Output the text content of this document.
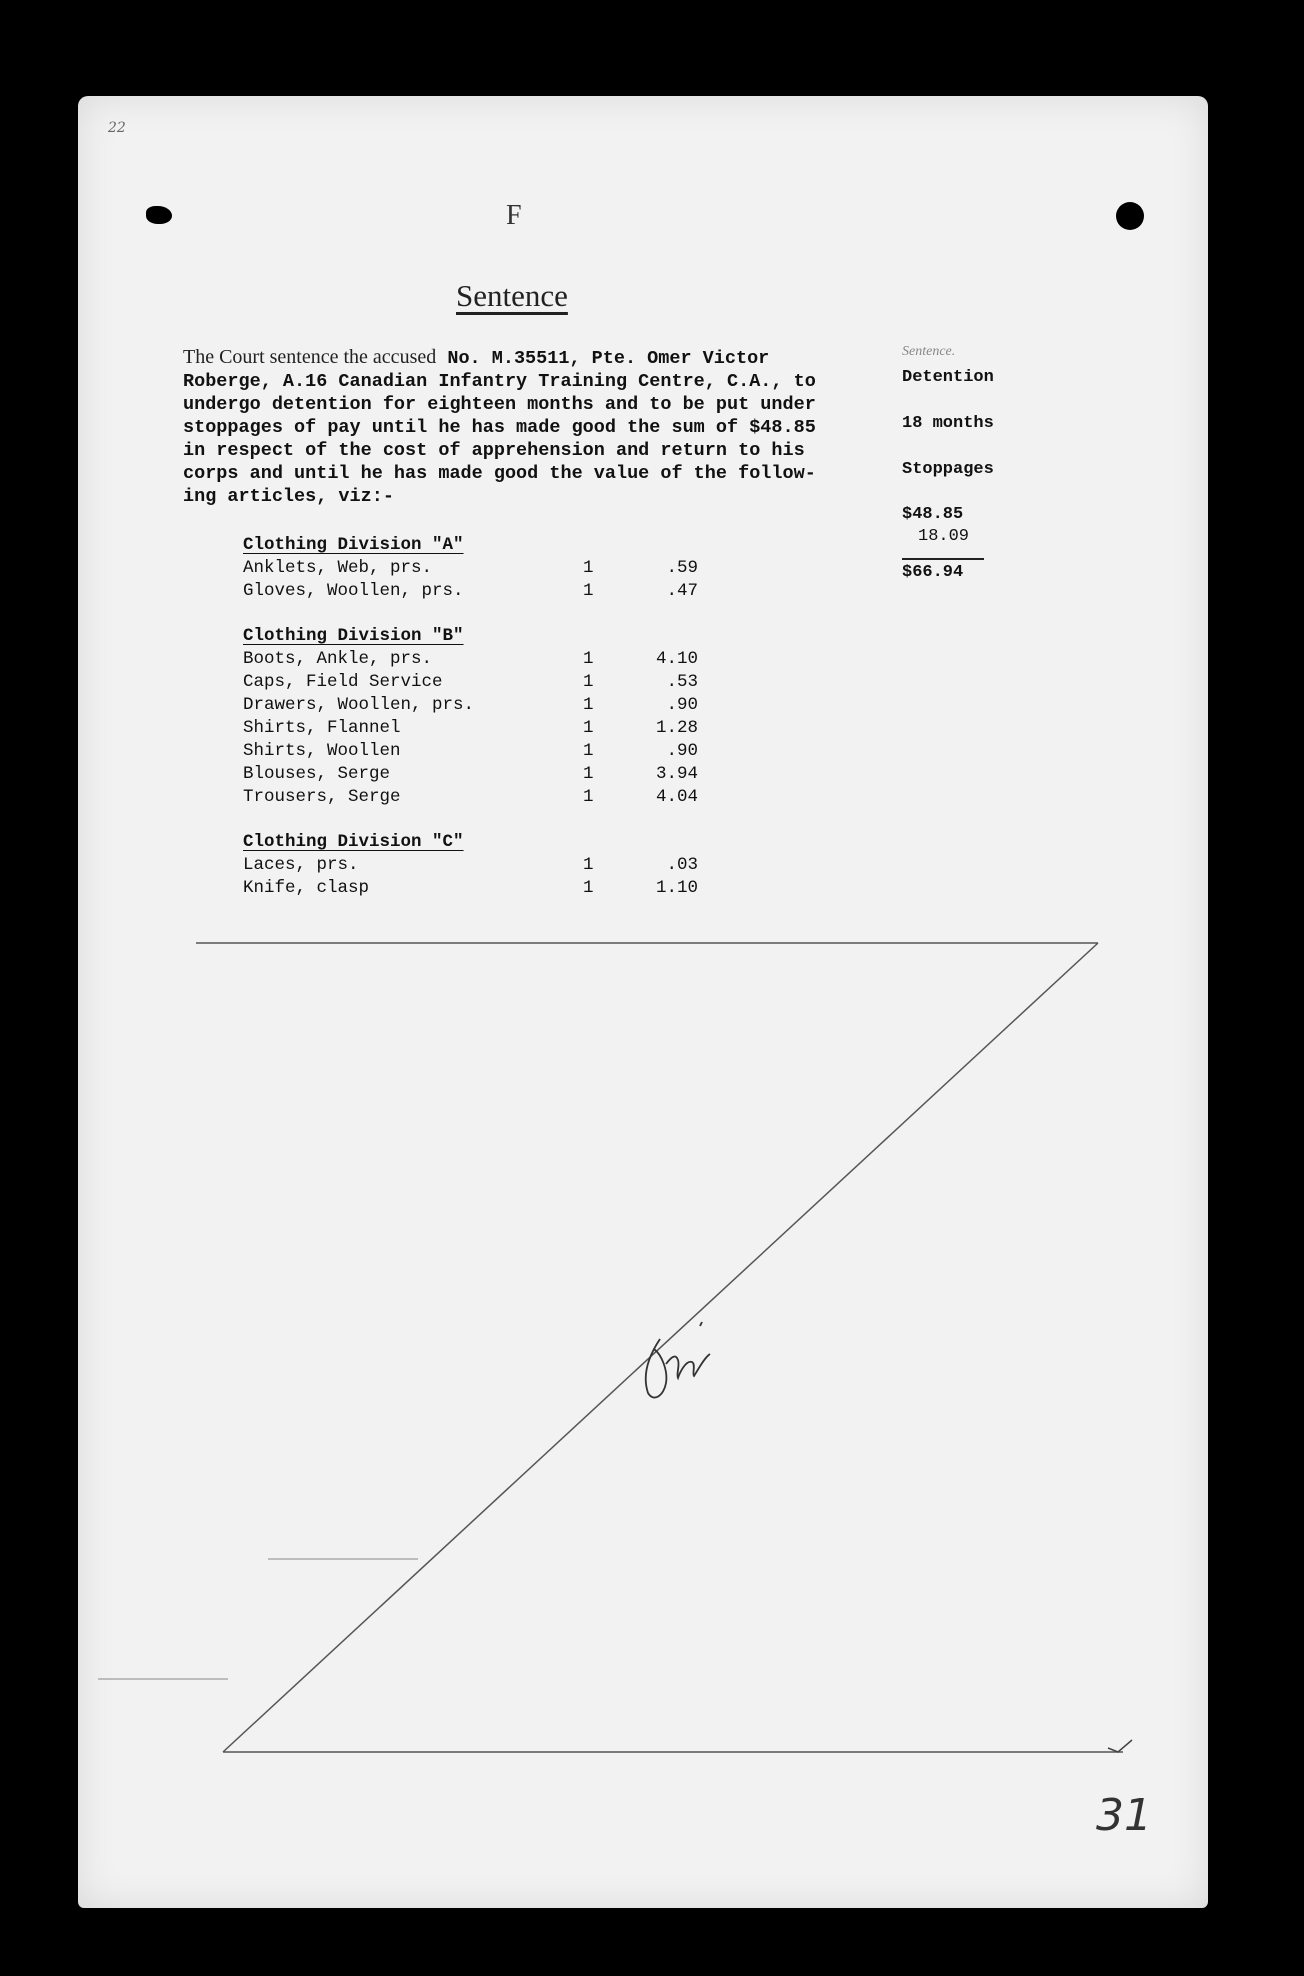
22
F
Sentence
The Court sentence the accused No. M.35511, Pte. Omer Victor
Roberge, A.16 Canadian Infantry Training Centre, C.A., to
undergo detention for eighteen months and to be put under
stoppages of pay until he has made good the sum of $48.85
in respect of the cost of apprehension and return to his
corps and until he has made good the value of the follow-
ing articles, viz:-
Clothing Division "A"
Anklets, Web, prs.	1	.59
Gloves, Woollen, prs.	1	.47
Clothing Division "B"
Boots, Ankle, prs.	1	4.10
Caps, Field Service	1	.53
Drawers, Woollen, prs.	1	.90
Shirts, Flannel	1	1.28
Shirts, Woollen	1	.90
Blouses, Serge	1	3.94
Trousers, Serge	1	4.04
Clothing Division "C"
Laces, prs.	1	.03
Knife, clasp	1	1.10
Sentence.
Detention
18 months
Stoppages
$48.85
18.09
$66.94
31
